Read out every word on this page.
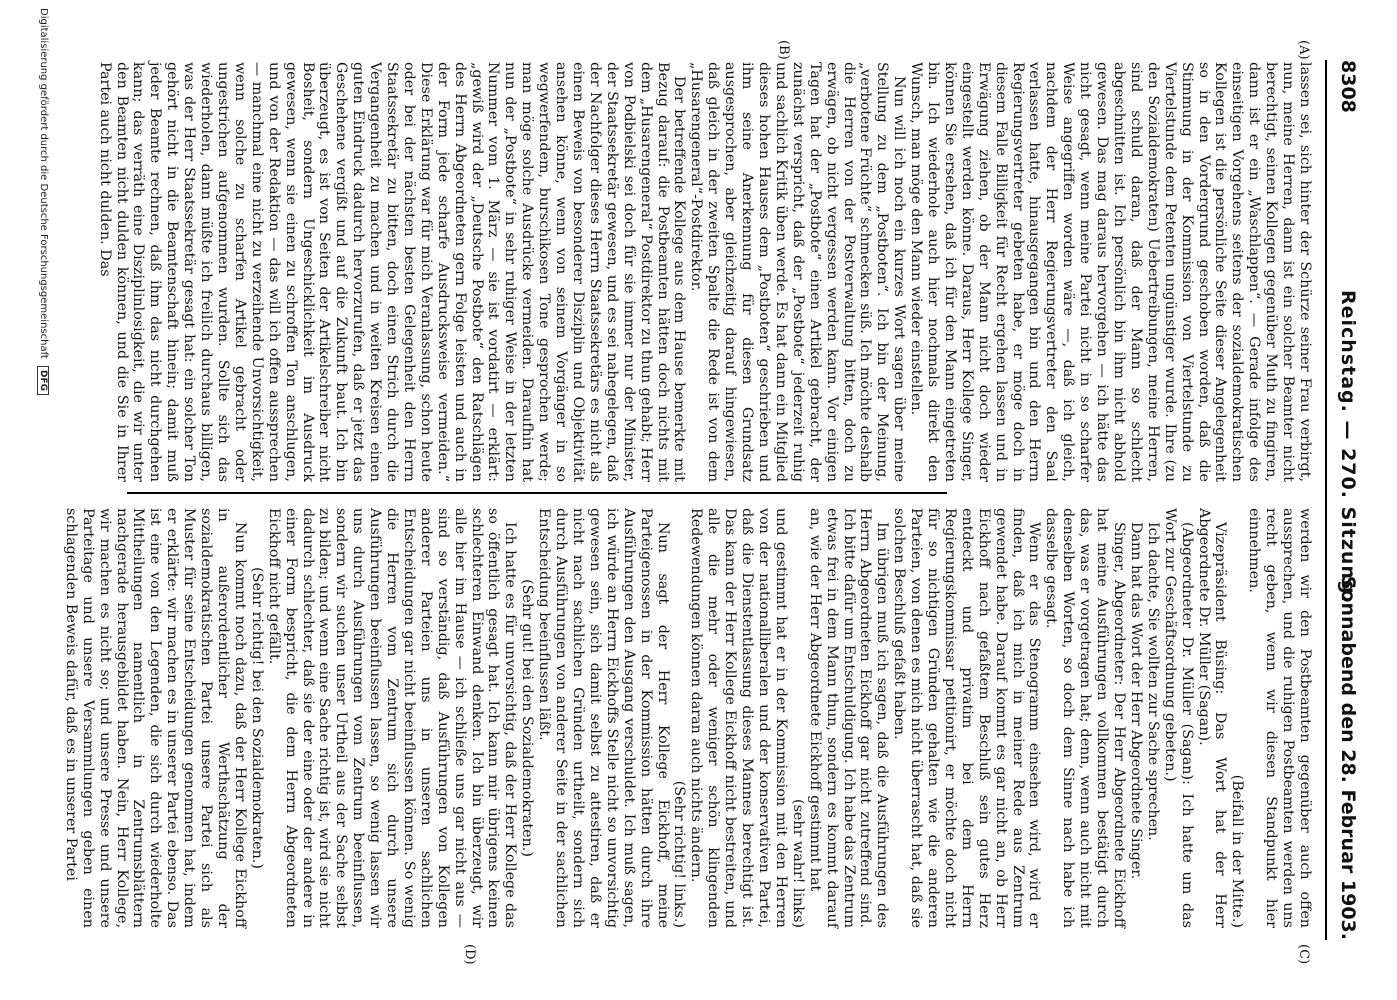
8308
Reichstag. — 270. Sitzung.
Sonnabend den 28. Februar 1903.
(A)
(B)
(C)
(D)

lassen sei, sich hinter der Schürze seiner Frau verbirgt, nun, meine Herren, dann ist ein solcher Beamter nicht berechtigt, seinen Kollegen gegenüber Muth zu fingiren, dann ist er ein „Waschlappen“. — Gerade infolge des einseitigen Vorgehens seitens der sozialdemokratischen Kollegen ist die persönliche Seite dieser Angelegenheit so in den Vordergrund geschoben worden, daß die Stimmung in der Kommission von Viertelstunde zu Viertelstunde dem Petenten ungünstiger wurde. Ihre (zu den Sozialdemokraten) Uebertreibungen, meine Herren, sind schuld daran, daß der Mann so schlecht abgeschnitten ist. Ich persönlich bin ihm nicht abhold gewesen. Das mag daraus hervorgehen — ich hätte das nicht gesagt, wenn meine Partei nicht in so scharfer Weise angegriffen worden wäre —, daß ich gleich, nachdem der Herr Regierungsvertreter den Saal verlassen hatte, hinausgegangen bin und den Herrn Regierungsvertreter gebeten habe, er möge doch in diesem Falle Billigkeit für Recht ergehen lassen und in Erwägung ziehen, ob der Mann nicht doch wieder eingestellt werden könne. Daraus, Herr Kollege Singer, können Sie ersehen, daß ich für den Mann eingetreten bin. Ich wiederhole auch hier nochmals direkt den Wunsch, man möge den Mann wieder einstellen.

Nun will ich noch ein kurzes Wort sagen über meine Stellung zu dem „Postboten“. Ich bin der Meinung, „verbotene Früchte“ schmecken süß. Ich möchte deshalb die Herren von der Postverwaltung bitten, doch zu erwägen, ob nicht vergessen werden kann. Vor einigen Tagen hat der „Postbote“ einen Artikel gebracht, der zunächst verspricht, daß der „Postbote“ jederzeit ruhig und sachlich Kritik üben werde. Es hat dann ein Mitglied dieses hohen Hauses dem „Postboten“ geschrieben und ihm seine Anerkennung für diesen Grundsatz ausgesprochen, aber gleichzeitig darauf hingewiesen, daß gleich in der zweiten Spalte die Rede ist von dem „Husarengeneral“-Postdirektor.

Der betreffende Kollege aus dem Hause bemerkte mit Bezug darauf: die Postbeamten hätten doch nichts mit dem „Husarengeneral“ Postdirektor zu thun gehabt; Herr von Podbielski sei doch für sie immer nur der Minister, der Staatssekretär gewesen, und es sei nahegelegen, daß der Nachfolger dieses Herrn Staatssekretärs es nicht als einen Beweis von besonderer Disziplin und Objektivität ansehen könne, wenn von seinem Vorgänger in so wegwerfendem, burschikosen Tone gesprochen werde; man möge solche Ausdrücke vermeiden. Daraufhin hat nun der „Postbote“ in sehr ruhiger Weise in der letzten Nummer vom 1. März — sie ist vordatirt — erklärt: „gewiß wird der „Deutsche Postbote“ den Ratschlägen des Herrn Abgeordneten gern Folge leisten und auch in der Form jede scharfe Ausdrucksweise vermeiden.“ Diese Erklärung war für mich Veranlassung, schon heute oder bei der nächsten besten Gelegenheit den Herrn Staatssekretär zu bitten, doch einen Strich durch die Vergangenheit zu machen und in weiten Kreisen einen guten Eindruck dadurch hervorzurufen, daß er jetzt das Geschehene vergißt und auf die Zukunft baut. Ich bin überzeugt, es ist von Seiten der Artikelschreiber nicht Bosheit, sondern Ungeschicklichkeit im Ausdruck gewesen, wenn sie einen zu schroffen Ton anschlugen, und von der Redaktion — das will ich offen aussprechen — manchmal eine nicht zu verzeihende Unvorsichtigkeit, wenn solche zu scharfen Artikel gebracht oder ungestrichen aufgenommen wurden. Sollte sich das wiederholen, dann müßte ich freilich durchaus billigen, was der Herr Staatssekretär gesagt hat: ein solcher Ton gehört nicht in die Beamtenschaft hinein; damit muß jeder Beamte rechnen, daß ihm das nicht durchgehen kann; das verräth eine Disziplinlosigkeit, die wir unter den Beamten nicht dulden können, und die Sie in Ihrer Partei auch nicht dulden. Das

werden wir den Postbeamten gegenüber auch offen aussprechen, und die ruhigen Postbeamten werden uns recht geben, wenn wir diesen Standpunkt hier einnehmen.

(Beifall in der Mitte.)

Vizepräsident Büsing: Das Wort hat der Herr Abgeordnete Dr. Müller (Sagan).

(Abgeordneter Dr. Müller (Sagan): Ich hatte um das Wort zur Geschäftsordnung gebeten.)

Ich dachte, Sie wollten zur Sache sprechen.

Dann hat das Wort der Herr Abgeordnete Singer.

Singer, Abgeordneter: Der Herr Abgeordnete Eickhoff hat meine Ausführungen vollkommen bestätigt durch das, was er vorgetragen hat; denn, wenn auch nicht mit denselben Worten, so doch dem Sinne nach habe ich dasselbe gesagt.

Wenn er das Stenogramm einsehen wird, wird er finden, daß ich mich in meiner Rede aus Zentrum gewendet habe. Darauf kommt es gar nicht an, ob Herr Eickhoff nach gefaßtem Beschluß sein gutes Herz entdeckt und privatim bei dem Herrn Regierungskommissar petitionirt, er möchte doch nicht für so nichtigen Gründen gehalten wie die anderen Parteien, von denen es mich nicht überrascht hat, daß sie solchen Beschluß gefaßt haben.

Im übrigen muß ich sagen, daß die Ausführungen des Herrn Abgeordneten Eickhoff gar nicht zutreffend sind. Ich bitte dafür um Entschuldigung. Ich habe das Zentrum etwas frei in dem Mann thun, sondern es kommt darauf an, wie der Herr Abgeordnete Eickhoff gestimmt hat

(sehr wahr! links)

und gestimmt hat er in der Kommission mit den Herren von der nationalliberalen und der konservativen Partei, daß die Dienstentlassung dieses Mannes berechtigt ist. Das kann der Herr Kollege Eickhoff nicht bestreiten, und alle die mehr oder weniger schön klingenden Redewendungen können daran auch nichts ändern.

(Sehr richtig! links.)

Nun sagt der Herr Kollege Eickhoff, meine Parteigenossen in der Kommission hätten durch ihre Ausführungen den Ausgang verschuldet. Ich muß sagen, ich würde an Herrn Eickhoffs Stelle nicht so unvorsichtig gewesen sein, sich damit selbst zu attestiren, daß er nicht nach sachlichen Gründen urtheilt, sondern sich durch Ausführungen von anderer Seite in der sachlichen Entscheidung beeinflussen läßt.

(Sehr gut! bei den Sozialdemokraten.)

Ich hatte es für unvorsichtig, daß der Herr Kollege das so öffentlich gesagt hat. Ich kann mir übrigens keinen schlechteren Einwand denken. Ich bin überzeugt, wir alle hier im Hause — ich schließe uns gar nicht aus — sind so verständig, daß Ausführungen von Kollegen anderer Parteien uns in unseren sachlichen Entscheidungen gar nicht beeinflussen können. So wenig die Herren vom Zentrum sich durch unsere Ausführungen beeinflussen lassen, so wenig lassen wir uns durch Ausführungen vom Zentrum beeinflussen, sondern wir suchen unser Urtheil aus der Sache selbst zu bilden; und wenn eine Sache richtig ist, wird sie nicht dadurch schlechter, daß sie der eine oder der andere in einer Form bespricht, die dem Herrn Abgeordneten Eickhoff nicht gefällt.

(Sehr richtig! bei den Sozialdemokraten.)

Nun kommt noch dazu, daß der Herr Kollege Eickhoff in außerordentlicher Werthschätzung der sozialdemokratischen Partei unsere Partei sich als Muster für seine Entscheidungen genommen hat, indem er erklärte: wir machen es in unserer Partei ebenso. Das ist eine von den Legenden, die sich durch wiederholte Mittheilungen namentlich in Zentrumsblättern nachgerade herausgebildet haben. Nein, Herr Kollege, wir machen es nicht so; und unsere Presse und unsere Parteitage und unsere Versammlungen geben einen schlagenden Beweis dafür, daß es in unserer Partei

Digitalisierung gefördert durch die Deutsche Forschungsgemeinschaft DFG
